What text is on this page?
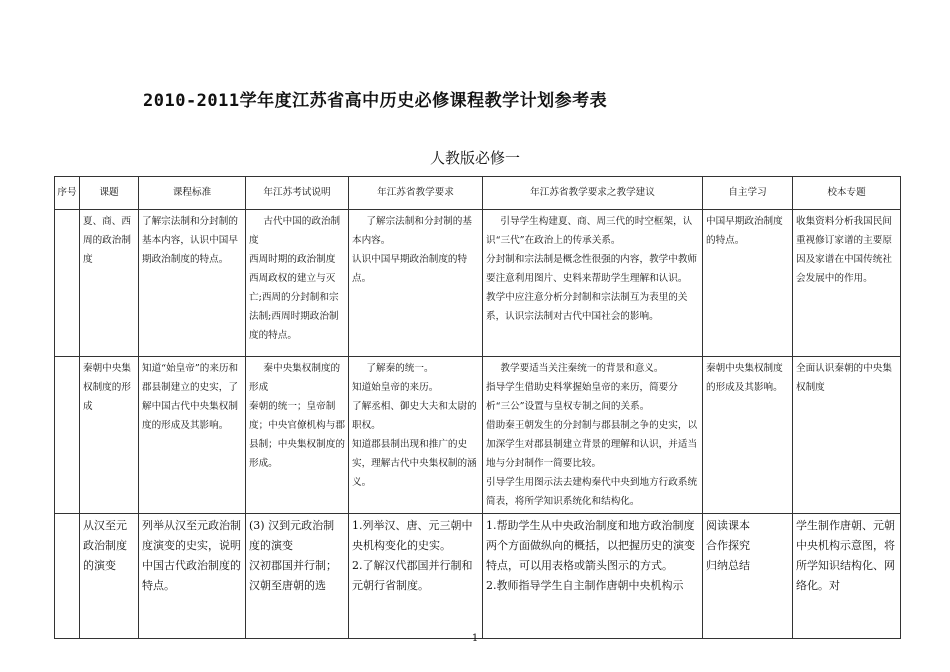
2010-2011学年度江苏省高中历史必修课程教学计划参考表
人教版必修一
序号	课题	课程标准	年江苏考试说明	年江苏省教学要求	年江苏省教学要求之教学建议	自主学习	校本专题
	夏、商、西周的政治制度	了解宗法制和分封制的基本内容，认识中国早期政治制度的特点。	古代中国的政治制度
西周时期的政治制度
西周政权的建立与灭亡;西周的分封制和宗法制;西周时期政治制度的特点。	了解宗法制和分封制的基本内容。
认识中国早期政治制度的特点。	引导学生构建夏、商、周三代的时空框架，认识“三代”在政治上的传承关系。
分封制和宗法制是概念性很强的内容，教学中教师要注意利用图片、史料来帮助学生理解和认识。
教学中应注意分析分封制和宗法制互为表里的关系，认识宗法制对古代中国社会的影响。	中国早期政治制度的特点。	收集资料分析我国民间重视修订家谱的主要原因及家谱在中国传统社会发展中的作用。
	秦朝中央集权制度的形成	知道“始皇帝”的来历和郡县制建立的史实，了解中国古代中央集权制度的形成及其影响。	秦中央集权制度的形成
秦朝的统一；皇帝制度；中央官僚机构与郡县制；中央集权制度的形成。	了解秦的统一。
知道始皇帝的来历。
了解丞相、御史大夫和太尉的职权。
知道郡县制出现和推广的史实，理解古代中央集权制的涵义。	教学要适当关注秦统一的背景和意义。
指导学生借助史料掌握始皇帝的来历，简要分析“三公”设置与皇权专制之间的关系。
借助秦王朝发生的分封制与郡县制之争的史实，以加深学生对郡县制建立背景的理解和认识，并适当地与分封制作一简要比较。
引导学生用图示法去建构秦代中央到地方行政系统简表，将所学知识系统化和结构化。	秦朝中央集权制度的形成及其影响。	全面认识秦朝的中央集权制度
	从汉至元政治制度的演变	列举从汉至元政治制度演变的史实，说明中国古代政治制度的特点。	(3) 汉到元政治制度的演变
汉初郡国并行制；汉朝至唐朝的选	1.列举汉、唐、元三朝中央机构变化的史实。
2.了解汉代郡国并行制和元朝行省制度。	1.帮助学生从中央政治制度和地方政治制度两个方面做纵向的概括，以把握历史的演变特点，可以用表格或箭头图示的方式。
2.教师指导学生自主制作唐朝中央机构示	阅读课本
合作探究
归纳总结	学生制作唐朝、元朝中央机构示意图，将所学知识结构化、网络化。对
1
